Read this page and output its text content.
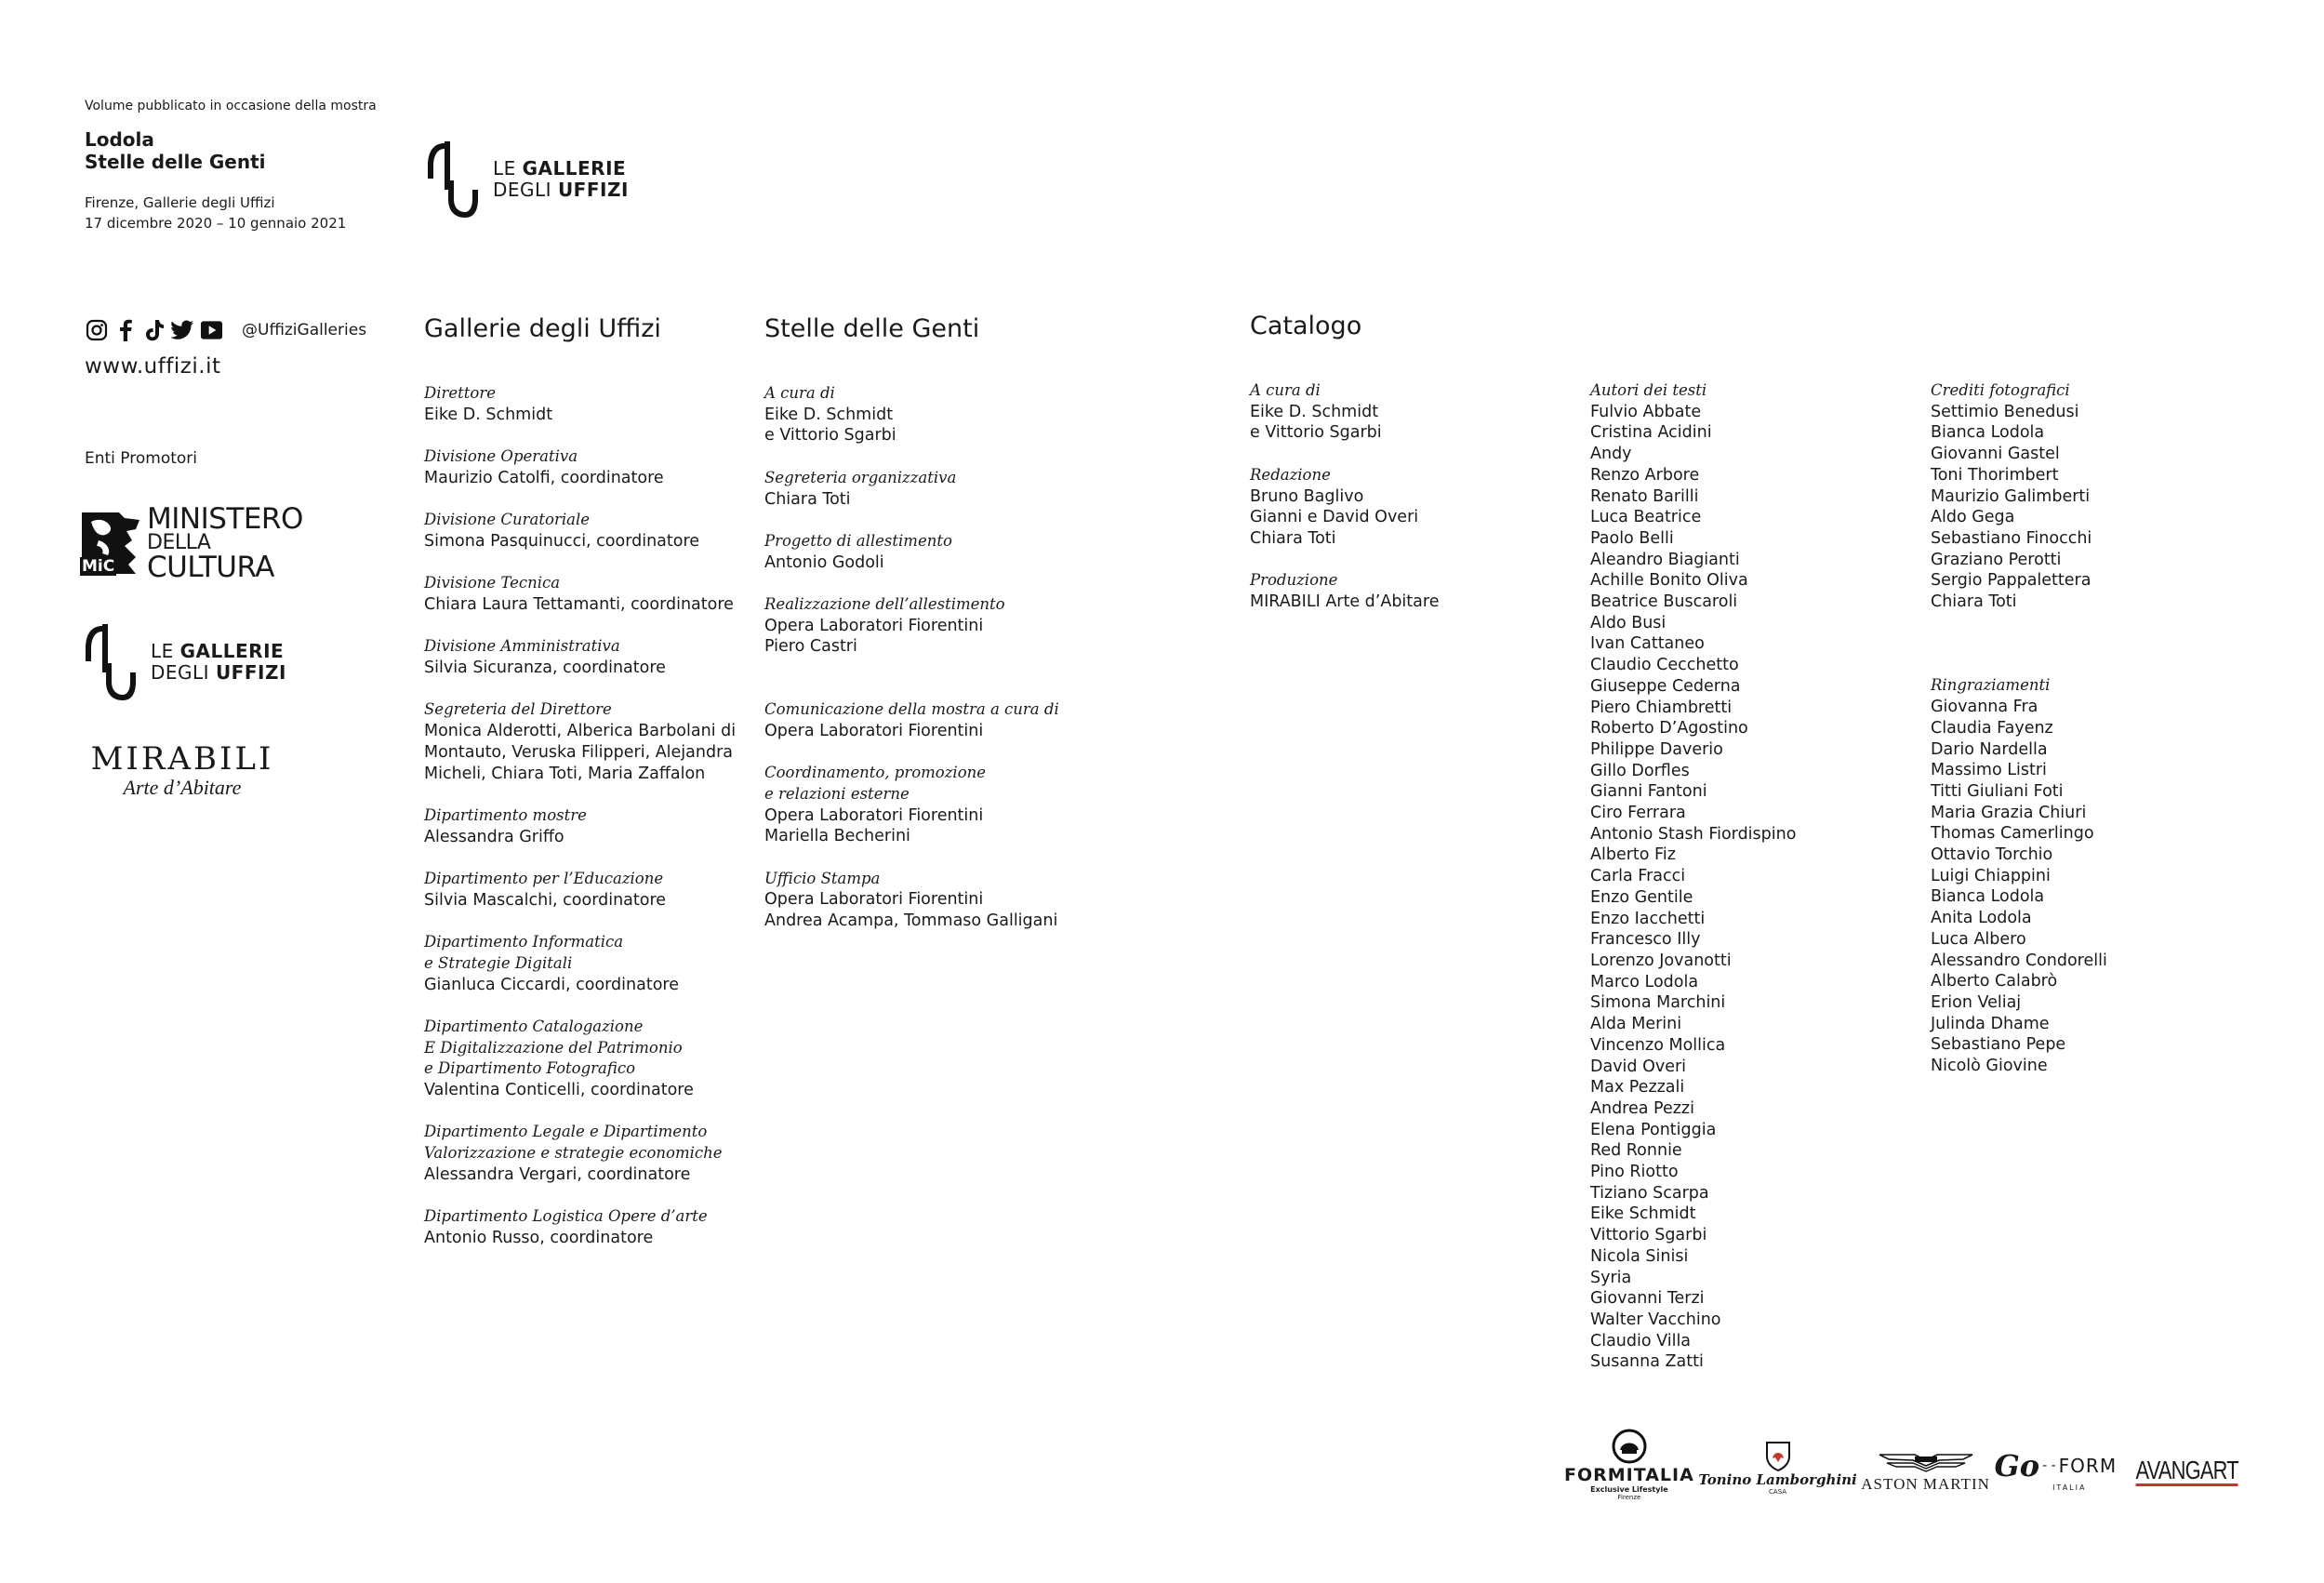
Volume pubblicato in occasione della mostra
Lodola
Stelle delle Genti
Firenze, Gallerie degli Uffizi
17 dicembre 2020 – 10 gennaio 2021
LE GALLERIE
DEGLI UFFIZI
@UffiziGalleries
www.uffizi.it
Enti Promotori
MiC
MINISTERO
DELLA
CULTURA
LE GALLERIE
DEGLI UFFIZI
MIRABILI
Arte d’Abitare
Gallerie degli Uffizi
Direttore
Eike D. Schmidt
Divisione Operativa
Maurizio Catolfi, coordinatore
Divisione Curatoriale
Simona Pasquinucci, coordinatore
Divisione Tecnica
Chiara Laura Tettamanti, coordinatore
Divisione Amministrativa
Silvia Sicuranza, coordinatore
Segreteria del Direttore
Monica Alderotti, Alberica Barbolani di
Montauto, Veruska Filipperi, Alejandra
Micheli, Chiara Toti, Maria Zaffalon
Dipartimento mostre
Alessandra Griffo
Dipartimento per l’Educazione
Silvia Mascalchi, coordinatore
Dipartimento Informatica
e Strategie Digitali
Gianluca Ciccardi, coordinatore
Dipartimento Catalogazione
E Digitalizzazione del Patrimonio
e Dipartimento Fotografico
Valentina Conticelli, coordinatore
Dipartimento Legale e Dipartimento
Valorizzazione e strategie economiche
Alessandra Vergari, coordinatore
Dipartimento Logistica Opere d’arte
Antonio Russo, coordinatore
Stelle delle Genti
A cura di
Eike D. Schmidt
e Vittorio Sgarbi
Segreteria organizzativa
Chiara Toti
Progetto di allestimento
Antonio Godoli
Realizzazione dell’allestimento
Opera Laboratori Fiorentini
Piero Castri
Comunicazione della mostra a cura di
Opera Laboratori Fiorentini
Coordinamento, promozione
e relazioni esterne
Opera Laboratori Fiorentini
Mariella Becherini
Ufficio Stampa
Opera Laboratori Fiorentini
Andrea Acampa, Tommaso Galligani
Catalogo
A cura di
Eike D. Schmidt
e Vittorio Sgarbi
Redazione
Bruno Baglivo
Gianni e David Overi
Chiara Toti
Produzione
MIRABILI Arte d’Abitare
Autori dei testi
Fulvio Abbate
Cristina Acidini
Andy
Renzo Arbore
Renato Barilli
Luca Beatrice
Paolo Belli
Aleandro Biagianti
Achille Bonito Oliva
Beatrice Buscaroli
Aldo Busi
Ivan Cattaneo
Claudio Cecchetto
Giuseppe Cederna
Piero Chiambretti
Roberto D’Agostino
Philippe Daverio
Gillo Dorfles
Gianni Fantoni
Ciro Ferrara
Antonio Stash Fiordispino
Alberto Fiz
Carla Fracci
Enzo Gentile
Enzo Iacchetti
Francesco Illy
Lorenzo Jovanotti
Marco Lodola
Simona Marchini
Alda Merini
Vincenzo Mollica
David Overi
Max Pezzali
Andrea Pezzi
Elena Pontiggia
Red Ronnie
Pino Riotto
Tiziano Scarpa
Eike Schmidt
Vittorio Sgarbi
Nicola Sinisi
Syria
Giovanni Terzi
Walter Vacchino
Claudio Villa
Susanna Zatti
Crediti fotografici
Settimio Benedusi
Bianca Lodola
Giovanni Gastel
Toni Thorimbert
Maurizio Galimberti
Aldo Gega
Sebastiano Finocchi
Graziano Perotti
Sergio Pappalettera
Chiara Toti
Ringraziamenti
Giovanna Fra
Claudia Fayenz
Dario Nardella
Massimo Listri
Titti Giuliani Foti
Maria Grazia Chiuri
Thomas Camerlingo
Ottavio Torchio
Luigi Chiappini
Bianca Lodola
Anita Lodola
Luca Albero
Alessandro Condorelli
Alberto Calabrò
Erion Veliaj
Julinda Dhame
Sebastiano Pepe
Nicolò Giovine
FORMITALIA
Exclusive Lifestyle
Firenze
Tonino Lamborghini
CASA	ASTON MARTIN
Go - - FORM
ITALIA
AVANGART
